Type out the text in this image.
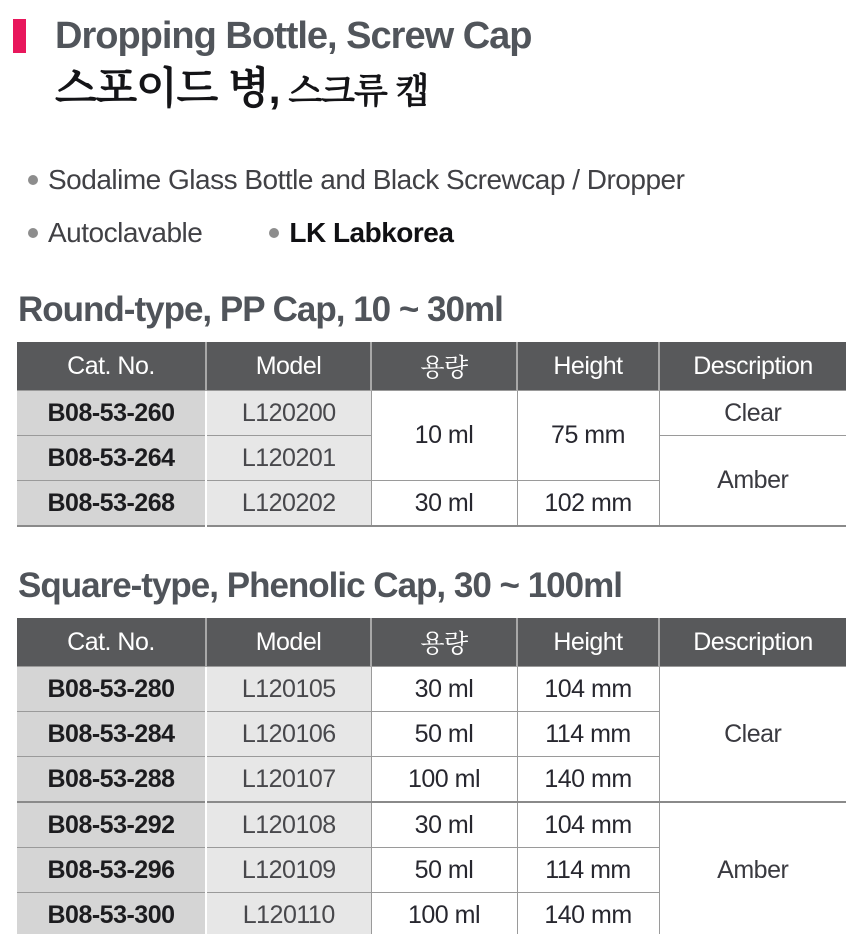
Dropping Bottle, Screw Cap
스포이드 병, 스크류 캡
Sodalime Glass Bottle and Black Screwcap / Dropper
Autoclavable	LK Labkorea
Round-type, PP Cap, 10 ~ 30ml
Cat. No.	Model	용량	Height	Description
B08-53-260	L120200	10 ml	75 mm	Clear
B08-53-264	L120201			Amber
B08-53-268	L120202	30 ml	102 mm	
Square-type, Phenolic Cap, 30 ~ 100ml
Cat. No.	Model	용량	Height	Description
B08-53-280	L120105	30 ml	104 mm	Clear
B08-53-284	L120106	50 ml	114 mm	
B08-53-288	L120107	100 ml	140 mm	
B08-53-292	L120108	30 ml	104 mm	Amber
B08-53-296	L120109	50 ml	114 mm	
B08-53-300	L120110	100 ml	140 mm	
